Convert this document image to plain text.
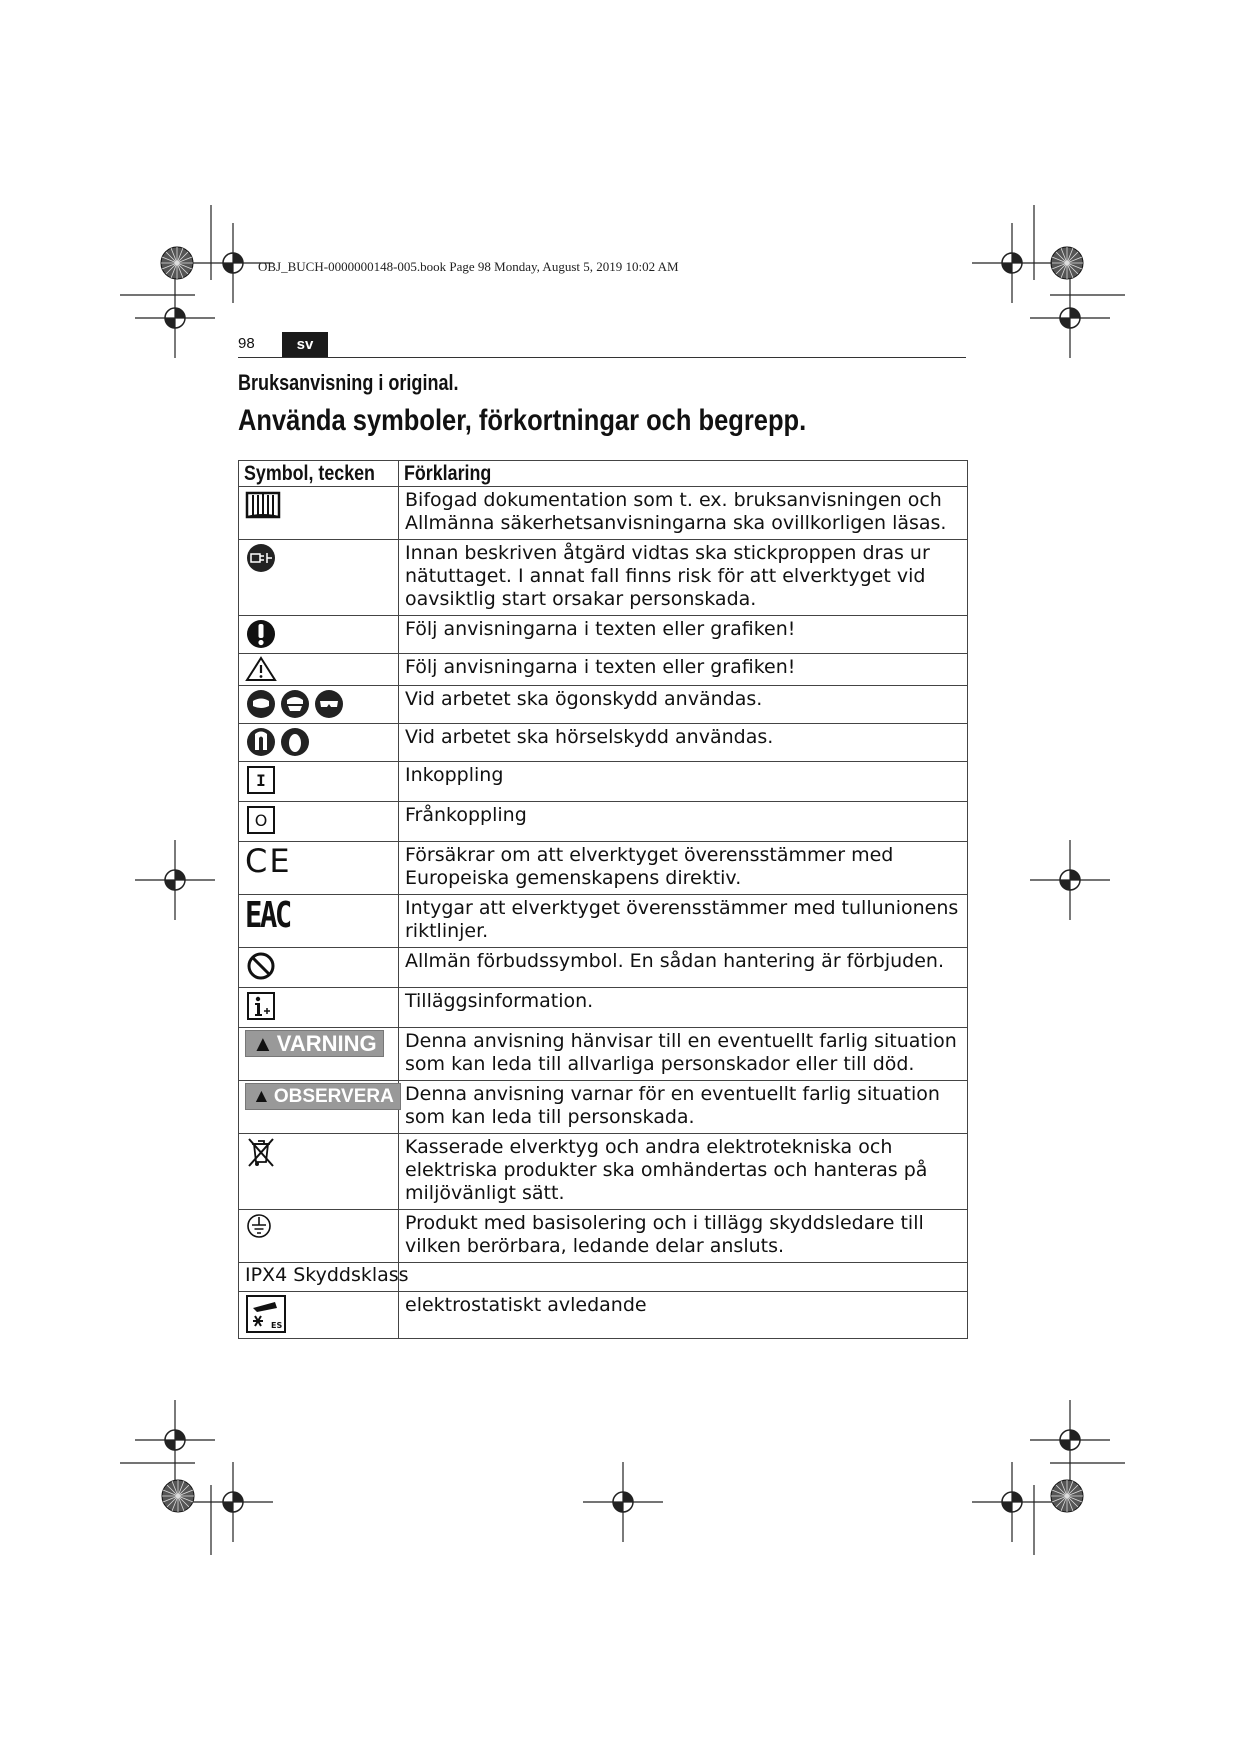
OBJ_BUCH-0000000148-005.book Page 98 Monday, August 5, 2019 10:02 AM
98	sv
Bruksanvisning i original.
Använda symboler, förkortningar och begrepp.
Symbol, tecken	Förklaring
	Bifogad dokumentation som t. ex. bruksanvisningen och Allmänna säkerhetsanvisningarna ska ovillkorligen läsas.
	Innan beskriven åtgärd vidtas ska stickproppen dras ur nätuttaget. I annat fall finns risk för att elverktyget vid oavsiktlig start orsakar personskada.
	Följ anvisningarna i texten eller grafiken!
	Följ anvisningarna i texten eller grafiken!
	Vid arbetet ska ögonskydd användas.
	Vid arbetet ska hörselskydd användas.

I	Inkoppling

O	Frånkoppling
CE	Försäkrar om att elverktyget överensstämmer med Europeiska gemenskapens direktiv.
EAC	Intygar att elverktyget överensstämmer med tullunionens riktlinjer.
	Allmän förbudssymbol. En sådan hantering är förbjuden.
	Tilläggsinformation.
▲ VARNING	Denna anvisning hänvisar till en eventuellt farlig situation som kan leda till allvarliga personskador eller till död.
▲ OBSERVERA	Denna anvisning varnar för en eventuellt farlig situation som kan leda till personskada.
	Kasserade elverktyg och andra elektrotekniska och elektriska produkter ska omhändertas och hanteras på miljövänligt sätt.
	Produkt med basisolering och i tillägg skyddsledare till vilken berörbara, ledande delar ansluts.
IPX4 Skyddsklass	

ES	elektrostatiskt avledande
